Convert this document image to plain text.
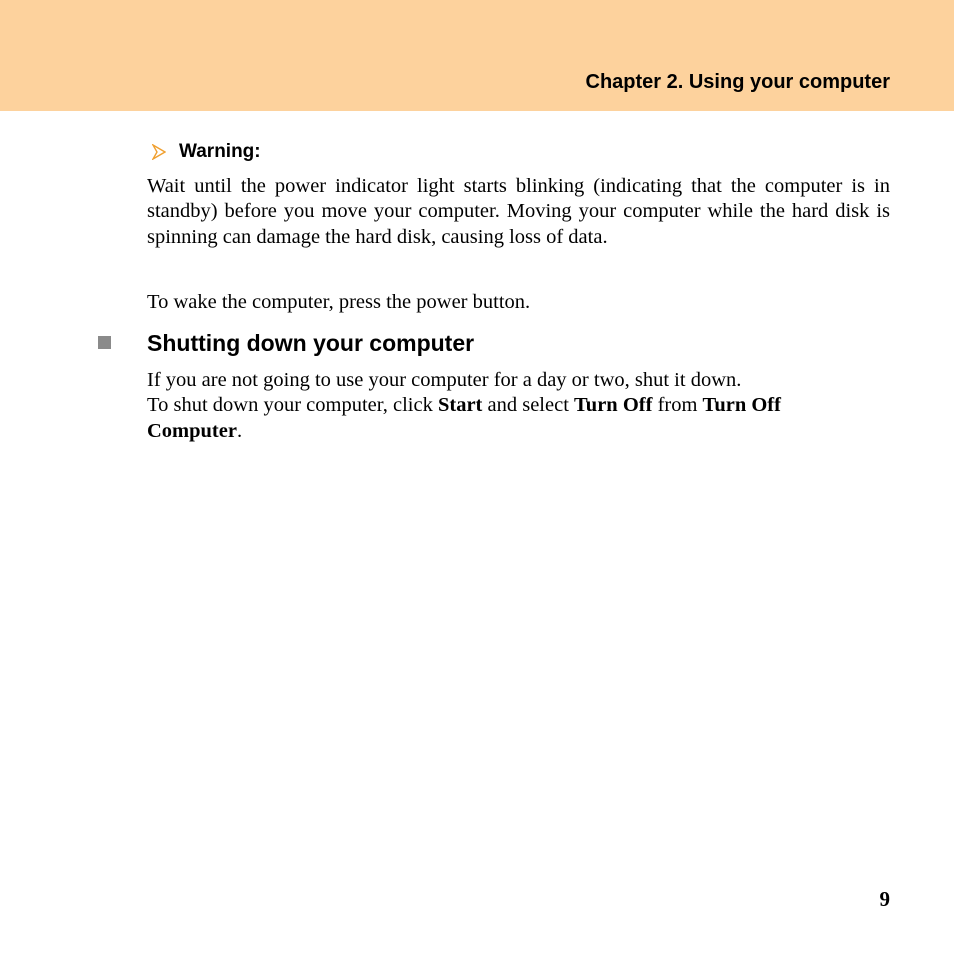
Chapter 2. Using your computer
Warning:
Wait until the power indicator light starts blinking (indicating that the computer is in standby) before you move your computer. Moving your computer while the hard disk is spinning can damage the hard disk, causing loss of data.
To wake the computer, press the power button.
Shutting down your computer
If you are not going to use your computer for a day or two, shut it down.
To shut down your computer, click Start and select Turn Off from Turn Off
Computer.
9
